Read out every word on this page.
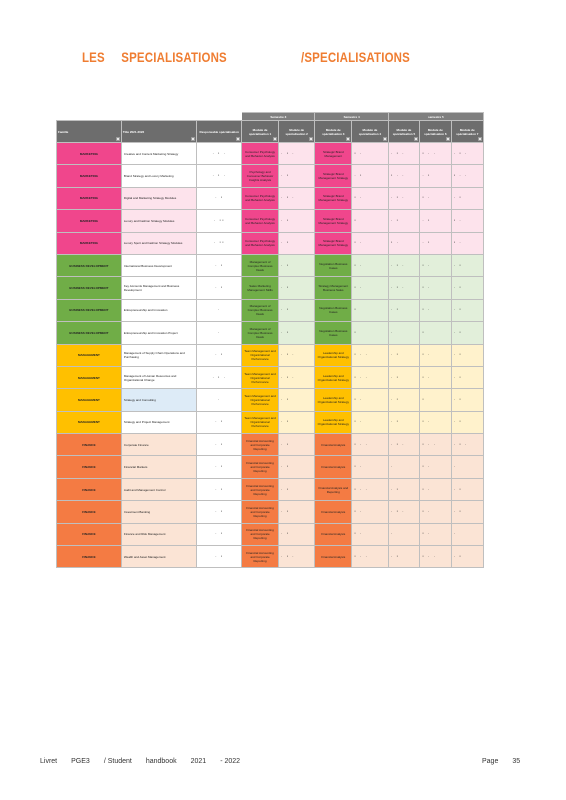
LES SPECIALISATIONS	/SPECIALISATIONS
			Semestre 3		Semestre 4		semestre 5		
Famille	Title 2021-2022	Responsable spécialisation	Module de spécialisation 1	Module de spécialisation 2	Module de spécialisation 3	Module de spécialisation 4	Module de spécialisation 5	Module de spécialisation 6	Module de spécialisation 7

MARKETING	Creative and Content Marketing Strategy	· ▪ ·	Consumer Psychology and Behavior Analysis	· ▪ ·	Strategic Brand Management	▪ ·	· ▪ ·	▪ · ·	· ▪ ·
MARKETING	Brand Strategy and Luxury Marketing	· ▪ ·	Psychology and Consumer Behavior Insights Analysis	· ▪	Strategic Brand Management Strategy	· ▪	▪ · ·	· ▪	▪ · ·
MARKETING	Digital and Marketing Strategy Modules	· ▪	Consumer Psychology and Behavior Analysis	· ▪ ·	Strategic Brand Management Strategy	▪ ·	· ▪ ·	▪ ·	· ▪
MARKETING	Luxury and Fashion Strategy Modules	· ▪▪	Consumer Psychology and Behavior Analysis	· ▪	Strategic Brand Management Strategy	▪	· ▪	· ▪	▪ ·
MARKETING	Luxury Sport and Fashion Strategy Modules	· ▪▪	Consumer Psychology and Behavior Analysis	· ▪	Strategic Brand Management Strategy	▪ ·	▪ ·	· ▪	▪ ·
BUSINESS DEVELOPMENT	International Business Development	· ▪	Management of Complex Business Deals	· ▪	Negotiation Business Cases	▪ ·	· ▪ ·	▪ ·	· ▪
BUSINESS DEVELOPMENT	Key Accounts Management and Business Development	· ▪	Sales Marketing Management Skills	· ▪	Strategy Management Business Sales	▪ ·	· ▪ ·	▪ ·	· ▪
BUSINESS DEVELOPMENT	Entrepreneurship and Innovation	·	Management of Complex Business Deals	· ▪	Negotiation Business Cases	▪	· ▪	▪ ·	· ▪
BUSINESS DEVELOPMENT	Entrepreneurship and Innovation Project	·	Management of Complex Business Deals	· ▪	Negotiation Business Cases	▪	·	▪	· ▪
MANAGEMENT	Management of Supply Chain Operations and Purchasing	· ▪	Team Management and Organizational Performance	· ▪ ·	Leadership and Organizational Strategy	▪ · ·	· ▪	▪ ·	· ▪
MANAGEMENT	Management of Human Resources and Organizational Change	· ▪ ·	Team Management and Organizational Performance	· ▪ ·	Leadership and Organizational Strategy	▪ · ·	· ▪	▪ ·	· ▪
MANAGEMENT	Strategy and Consulting	·	Team Management and Organizational Performance	· ▪	Leadership and Organizational Strategy	▪ ·	· ▪	▪	· ▪
MANAGEMENT	Strategy and Project Management	· ▪	Team Management and Organizational Performance	· ▪	Leadership and Organizational Strategy	▪ ·	· ▪	▪ ·	· ▪
FINANCE	Corporate Finance	· ▪	Financial Accounting and Corporate Reporting	· ▪	Financial Analysis	▪ · ·	· ▪ ·	▪ · ·	· ▪ ·
FINANCE	Financial Markets	· ▪	Financial Accounting and Corporate Reporting	· ▪	Financial Analysis	▪ ·	·	▪ ·	·
FINANCE	Audit and Management Control	· ▪	Financial Accounting and Corporate Reporting	· ▪	Financial Analysis and Reporting	▪ · ·	· ▪	▪ ·	· ▪
FINANCE	Investment Banking	· ▪	Financial Accounting and Corporate Reporting	· ▪	Financial Analysis	▪ ·	· ▪ ·	▪ ·	· ▪
FINANCE	Finance and Risk Management	· ▪	Financial Accounting and Corporate Reporting	· ▪	Financial Analysis	▪ ·	·	▪ ·	·
FINANCE	Wealth and Asset Management	· ▪	Financial Accounting and Corporate Reporting	· ▪ ·	Financial Analysis	▪ · ·	· ▪	▪ · ·	· ▪
Livret PGE3 / Student handbook 2021 - 2022	Page 35
